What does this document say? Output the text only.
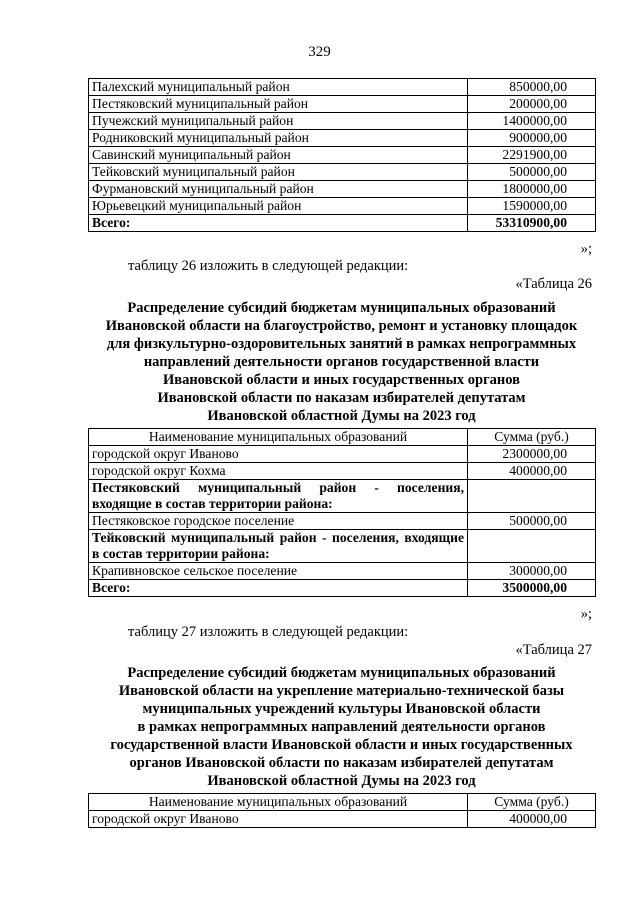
329
Палехский муниципальный район	850000,00
Пестяковский муниципальный район	200000,00
Пучежский муниципальный район	1400000,00
Родниковский муниципальный район	900000,00
Савинский муниципальный район	2291900,00
Тейковский муниципальный район	500000,00
Фурмановский муниципальный район	1800000,00
Юрьевецкий муниципальный район	1590000,00
Всего:	53310900,00
»;
таблицу 26 изложить в следующей редакции:
«Таблица 26
Распределение субсидий бюджетам муниципальных образований
Ивановской области на благоустройство, ремонт и установку площадок
для физкультурно-оздоровительных занятий в рамках непрограммных
направлений деятельности органов государственной власти
Ивановской области и иных государственных органов
Ивановской области по наказам избирателей депутатам
Ивановской областной Думы на 2023 год
Наименование муниципальных образований	Сумма (руб.)
городской округ Иваново	2300000,00
городской округ Кохма	400000,00
Пестяковский муниципальный район - поселения, входящие в состав территории района:	
Пестяковское городское поселение	500000,00
Тейковский муниципальный район - поселения, входящие в состав территории района:	
Крапивновское сельское поселение	300000,00
Всего:	3500000,00
»;
таблицу 27 изложить в следующей редакции:
«Таблица 27
Распределение субсидий бюджетам муниципальных образований
Ивановской области на укрепление материально-технической базы
муниципальных учреждений культуры Ивановской области
в рамках непрограммных направлений деятельности органов
государственной власти Ивановской области и иных государственных
органов Ивановской области по наказам избирателей депутатам
Ивановской областной Думы на 2023 год
Наименование муниципальных образований	Сумма (руб.)
городской округ Иваново	400000,00
